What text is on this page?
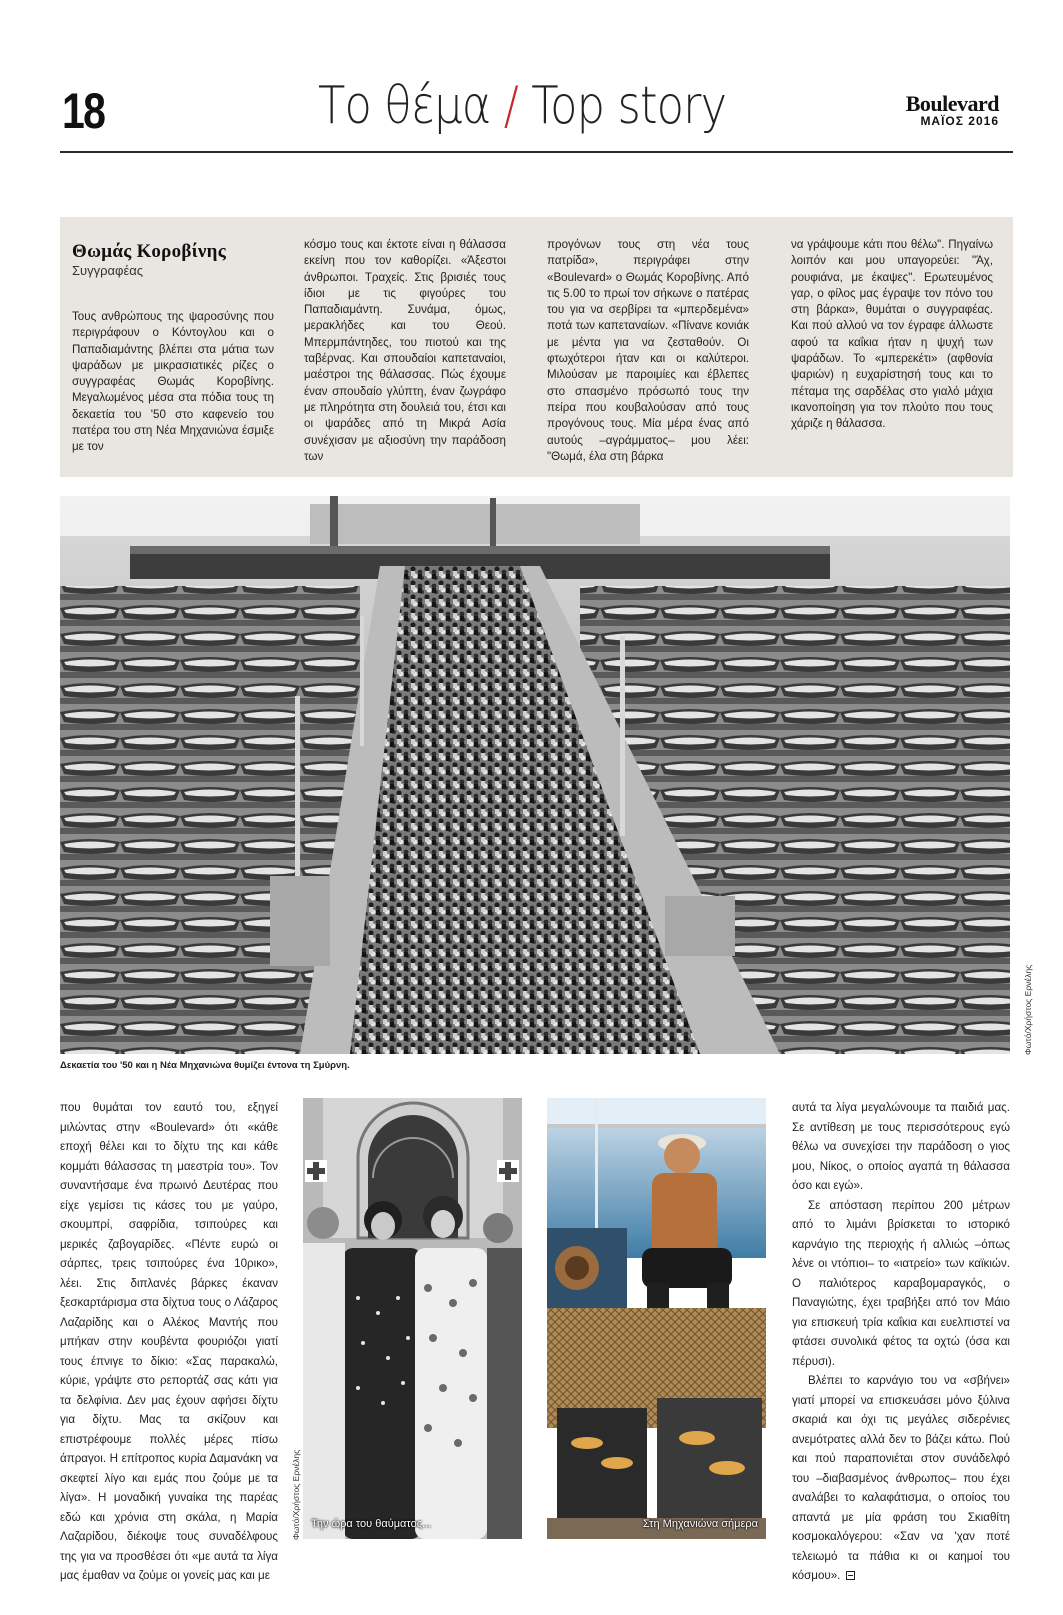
18	Το θέμα / Top story	Boulevard
ΜΑΪΟΣ 2016
Θωμάς Κοροβίνης
Συγγραφέας
Τους ανθρώπους της ψαροσύνης που περιγράφουν ο Κόντογλου και ο Παπαδιαμάντης βλέπει στα μάτια των ψαράδων με μικρασιατικές ρίζες ο συγγραφέας Θωμάς Κοροβίνης. Μεγαλωμένος μέσα στα πόδια τους τη δεκαετία του '50 στο καφενείο του πατέρα του στη Νέα Μηχανιώνα έσμιξε με τον
κόσμο τους και έκτοτε είναι η θάλασσα εκείνη που τον καθορίζει. «Άξεστοι άνθρωποι. Τραχείς. Στις βρισιές τους ίδιοι με τις φιγούρες του Παπαδιαμάντη. Συνάμα, όμως, μερακλήδες και του Θεού. Μπερμπάντηδες, του πιοτού και της ταβέρνας. Και σπουδαίοι καπεταναίοι, μαέστροι της θάλασσας. Πώς έχουμε έναν σπουδαίο γλύπτη, έναν ζωγράφο με πληρότητα στη δουλειά του, έτσι και οι ψαράδες από τη Μικρά Ασία συνέχισαν με αξιοσύνη την παράδοση των
προγόνων τους στη νέα τους πατρίδα», περιγράφει στην «Boulevard» ο Θωμάς Κοροβίνης. Από τις 5.00 το πρωί τον σήκωνε ο πατέρας του για να σερβίρει τα «μπερδεμένα» ποτά των καπεταναίων. «Πίνανε κονιάκ με μέντα για να ζεσταθούν. Οι φτωχότεροι ήταν και οι καλύτεροι. Μιλούσαν με παροιμίες και έβλεπες στο σπασμένο πρόσωπό τους την πείρα που κουβαλούσαν από τους προγόνους τους. Μία μέρα ένας από αυτούς –αγράμματος– μου λέει: "Θωμά, έλα στη βάρκα
να γράψουμε κάτι που θέλω". Πηγαίνω λοιπόν και μου υπαγορεύει: "Άχ, ρουφιάνα, με έκαψες". Ερωτευμένος γαρ, ο φίλος μας έγραψε τον πόνο του στη βάρκα», θυμάται ο συγγραφέας. Και πού αλλού να τον έγραφε άλλωστε αφού τα καΐκια ήταν η ψυχή των ψαράδων. Το «μπερεκέτι» (αφθονία ψαριών) η ευχαρίστησή τους και το πέταμα της σαρδέλας στο γιαλό μάχια ικανοποίηση για τον πλούτο που τους χάριζε η θάλασσα.
Δεκαετία του '50 και η Νέα Μηχανιώνα θυμίζει έντονα τη Σμύρνη.
Φωτό/Χρήστος Ερνέλης

που θυμάται τον εαυτό του, εξηγεί μιλώντας στην «Boulevard» ότι «κάθε εποχή θέλει και το δίχτυ της και κάθε κομμάτι θάλασσας τη μαεστρία του». Τον συναντήσαμε ένα πρωινό Δευτέρας που είχε γεμίσει τις κάσες του με γαύρο, σκουμπρί, σαφρίδια, τσιπούρες και μερικές ζαβογαρίδες. «Πέντε ευρώ οι σάρπες, τρεις τσιπούρες ένα 10ρικο», λέει. Στις διπλανές βάρκες έκαναν ξεσκαρτάρισμα στα δίχτυα τους ο Λάζαρος Λαζαρίδης και ο Αλέκος Μαντής που μπήκαν στην κουβέντα φουριόζοι γιατί τους έπνιγε το δίκιο: «Σας παρακαλώ, κύριε, γράψτε στο ρεπορτάζ σας κάτι για τα δελφίνια. Δεν μας έχουν αφήσει δίχτυ για δίχτυ. Μας τα σκίζουν και επιστρέφουμε πολλές μέρες πίσω άπραγοι. Η επίτροπος κυρία Δαμανάκη να σκεφτεί λίγο και εμάς που ζούμε με τα λίγα». Η μοναδική γυναίκα της παρέας εδώ και χρόνια στη σκάλα, η Μαρία Λαζαρίδου, διέκοψε τους συναδέλφους της για να προσθέσει ότι «με αυτά τα λίγα μας έμαθαν να ζούμε οι γονείς μας και με

Την ώρα του θαύματος...
Φωτό/Χρήστος Ερνέλης	Στη Μηχανιώνα σήμερα

αυτά τα λίγα μεγαλώνουμε τα παιδιά μας. Σε αντίθεση με τους περισσότερους εγώ θέλω να συνεχίσει την παράδοση ο γιος μου, Νίκος, ο οποίος αγαπά τη θάλασσα όσο και εγώ».

Σε απόσταση περίπου 200 μέτρων από το λιμάνι βρίσκεται το ιστορικό καρνάγιο της περιοχής ή αλλιώς –όπως λένε οι ντόπιοι– το «ιατρείο» των καϊκιών. Ο παλιότερος καραβομαραγκός, ο Παναγιώτης, έχει τραβήξει από τον Μάιο για επισκευή τρία καΐκια και ευελπιστεί να φτάσει συνολικά φέτος τα οχτώ (όσα και πέρυσι).

Βλέπει το καρνάγιο του να «σβήνει» γιατί μπορεί να επισκευάσει μόνο ξύλινα σκαριά και όχι τις μεγάλες σιδερένιες ανεμότρατες αλλά δεν το βάζει κάτω. Πού και πού παραπονιέται στον συνάδελφό του –διαβασμένος άνθρωπος– που έχει αναλάβει το καλαφάτισμα, ο οποίος του απαντά με μία φράση του Σκιαθίτη κοσμοκαλόγερου: «Σαν να 'χαν ποτέ τελειωμό τα πάθια κι οι καημοί του κόσμου».
